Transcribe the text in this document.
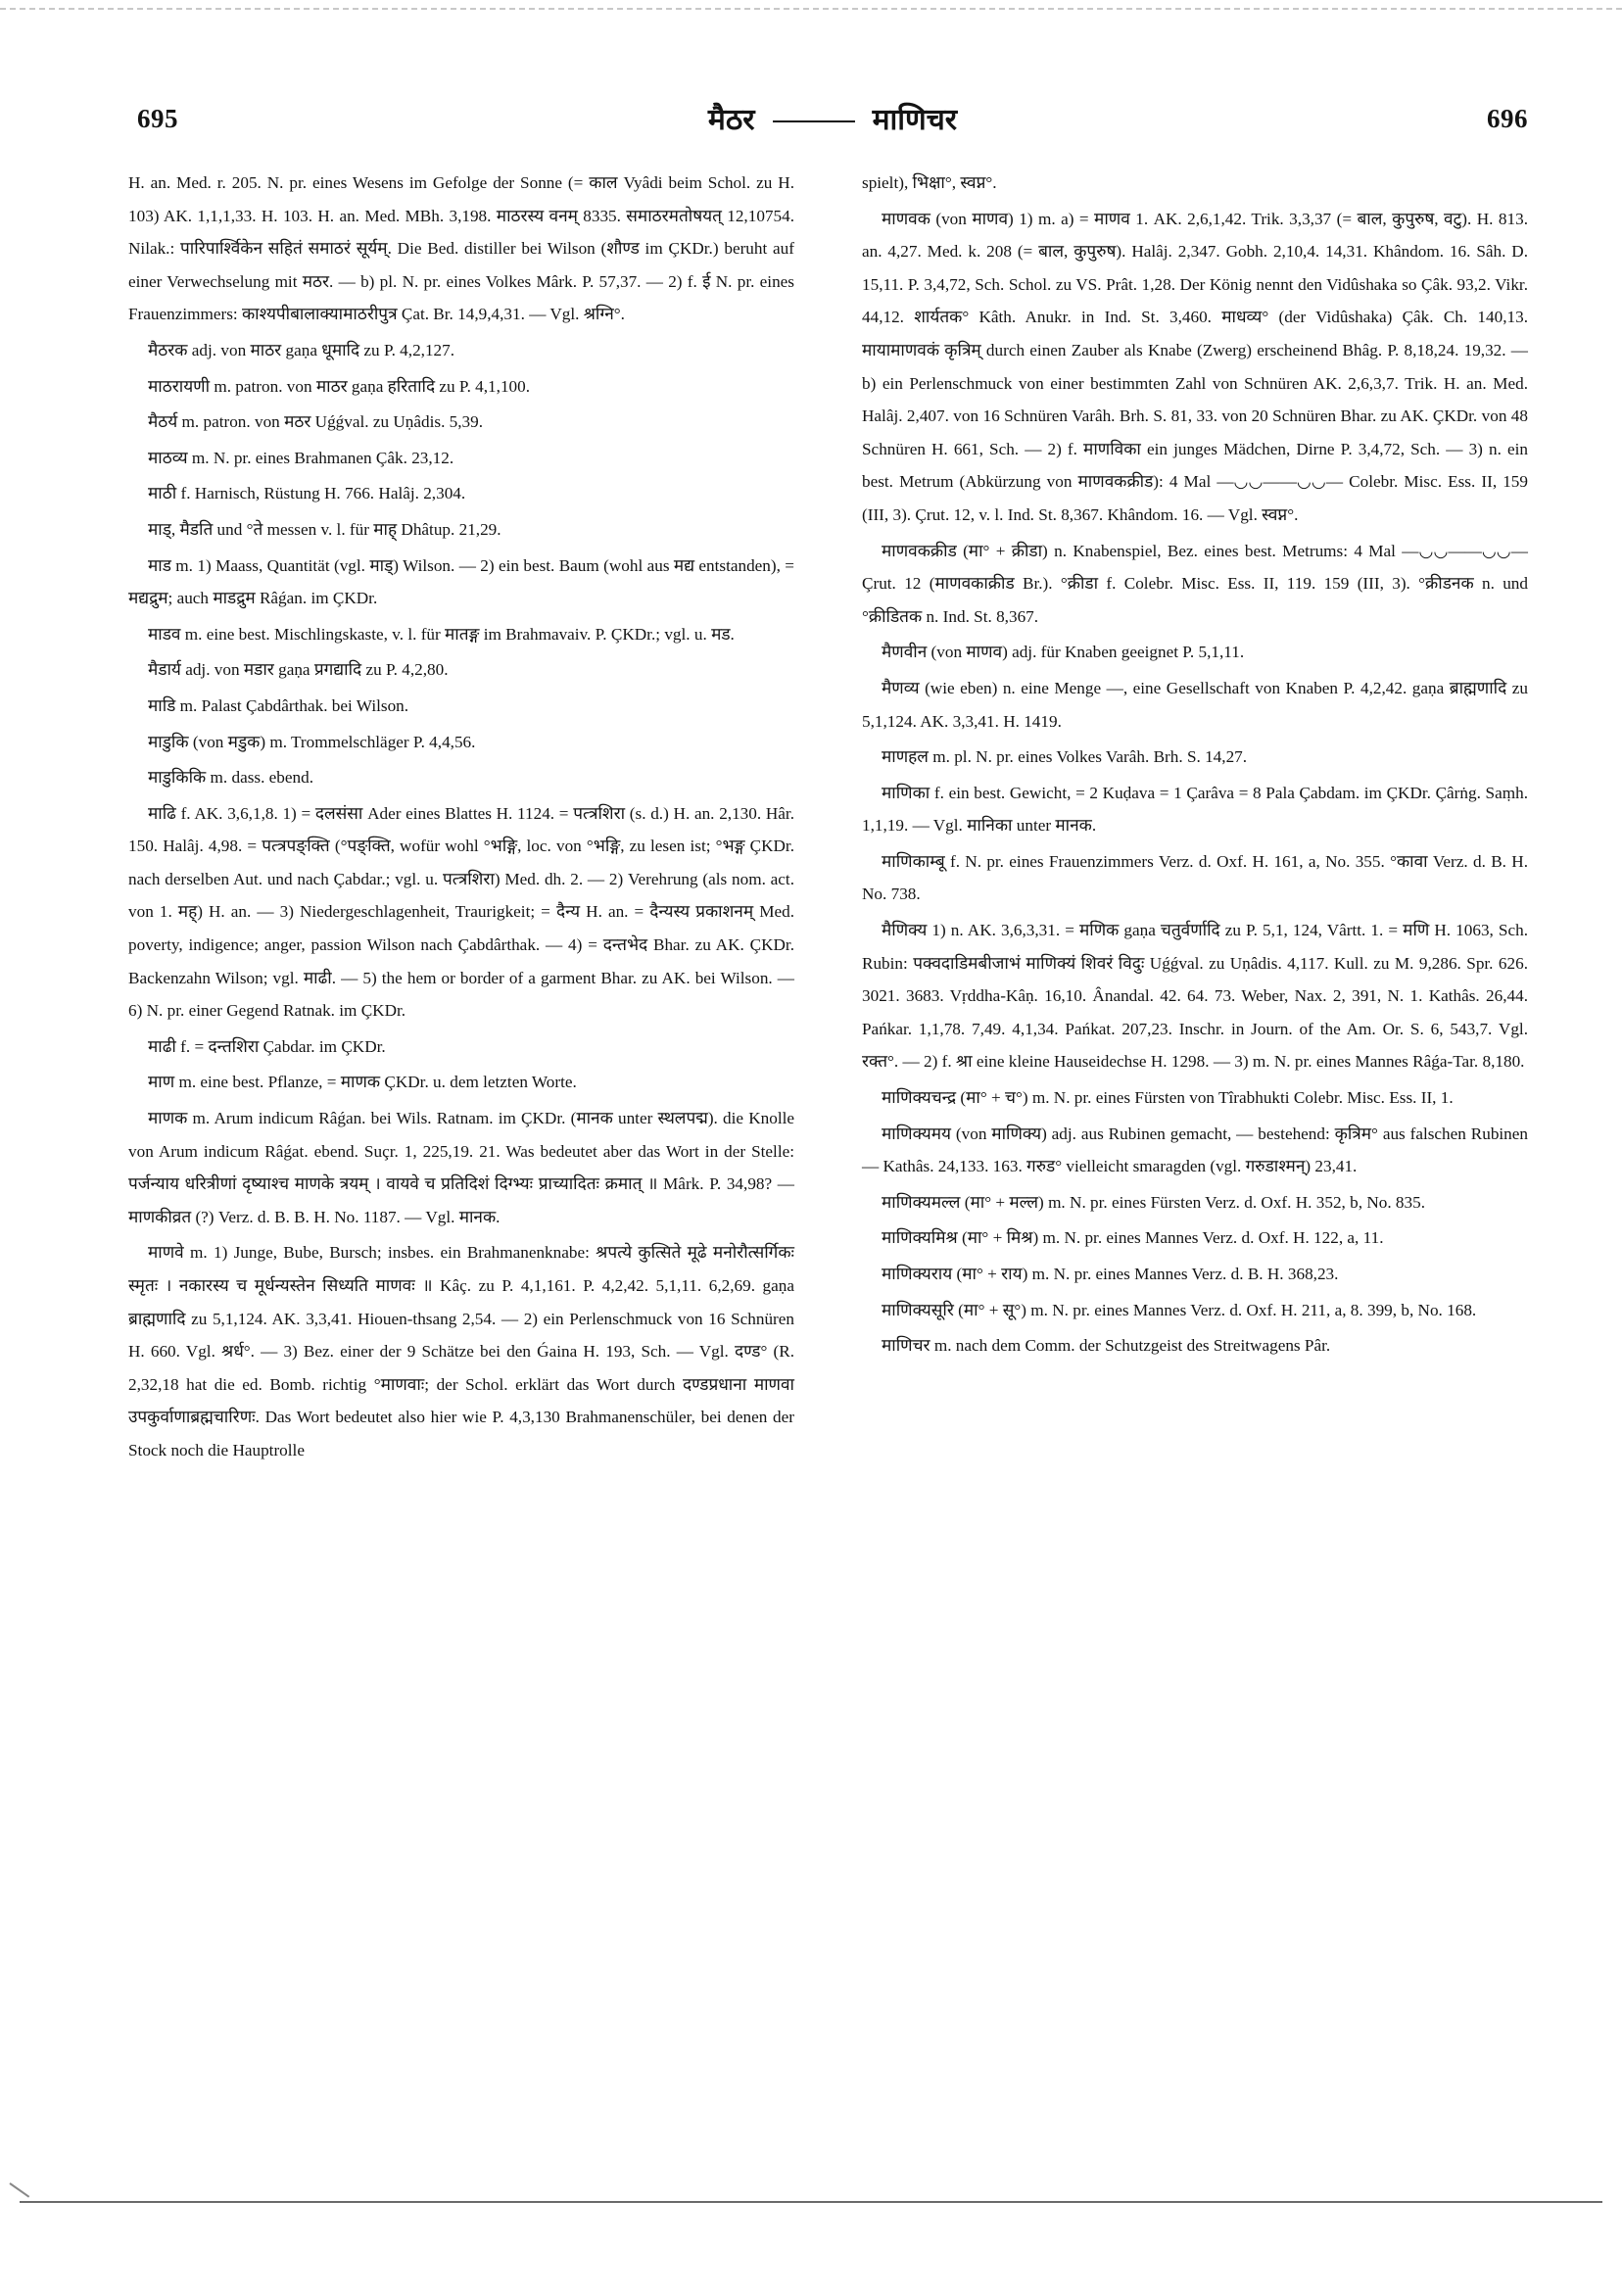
695	मैठर	माणिचर	696

H. an. Med. r. 205. N. pr. eines Wesens im Gefolge der Sonne (= काल Vyâdi beim Schol. zu H. 103) AK. 1,1,1,33. H. 103. H. an. Med. MBh. 3,198. माठरस्य वनम् 8335. समाठरमतोषयत् 12,10754. Nilak.: पारिपार्श्विकेन सहितं समाठरं सूर्यम्. Die Bed. distiller bei Wilson (शौण्ड im ÇKDr.) beruht auf einer Verwechselung mit मठर. — b) pl. N. pr. eines Volkes Mârk. P. 57,37. — 2) f. ई N. pr. eines Frauenzimmers: काश्यपीबालाक्यामाठरीपुत्र Çat. Br. 14,9,4,31. — Vgl. श्रग्नि°.

मैठरक adj. von माठर gaṇa धूमादि zu P. 4,2,127.

माठरायणी m. patron. von माठर gaṇa हरितादि zu P. 4,1,100.

मैठर्य m. patron. von मठर Uǵǵval. zu Uṇâdis. 5,39.

माठव्य m. N. pr. eines Brahmanen Çâk. 23,12.

माठी f. Harnisch, Rüstung H. 766. Halâj. 2,304.

माड्, मैडति und °ते messen v. l. für माह् Dhâtup. 21,29.

माड m. 1) Maass, Quantität (vgl. माड्) Wilson. — 2) ein best. Baum (wohl aus मद्य entstanden), = मद्यद्रुम; auch माडद्रुम Râǵan. im ÇKDr.

माडव m. eine best. Mischlingskaste, v. l. für मातङ्ग im Brahmavaiv. P. ÇKDr.; vgl. u. मड.

मैडार्य adj. von मडार gaṇa प्रगद्यादि zu P. 4,2,80.

माडि m. Palast Çabdârthak. bei Wilson.

माडुकि (von मडुक) m. Trommelschläger P. 4,4,56.

माडुकिकि m. dass. ebend.

माढि f. AK. 3,6,1,8. 1) = दलसंसा Ader eines Blattes H. 1124. = पत्त्रशिरा (s. d.) H. an. 2,130. Hâr. 150. Halâj. 4,98. = पत्त्रपङ्क्ति (°पङ्क्ति, wofür wohl °भङ्गि, loc. von °भङ्गि, zu lesen ist; °भङ्ग ÇKDr. nach derselben Aut. und nach Çabdar.; vgl. u. पत्त्रशिरा) Med. dh. 2. — 2) Verehrung (als nom. act. von 1. मह्) H. an. — 3) Niedergeschlagenheit, Traurigkeit; = दैन्य H. an. = दैन्यस्य प्रकाशनम् Med. poverty, indigence; anger, passion Wilson nach Çabdârthak. — 4) = दन्तभेद Bhar. zu AK. ÇKDr. Backenzahn Wilson; vgl. माढी. — 5) the hem or border of a garment Bhar. zu AK. bei Wilson. — 6) N. pr. einer Gegend Ratnak. im ÇKDr.

माढी f. = दन्तशिरा Çabdar. im ÇKDr.

माण m. eine best. Pflanze, = माणक ÇKDr. u. dem letzten Worte.

माणक m. Arum indicum Râǵan. bei Wils. Ratnam. im ÇKDr. (मानक unter स्थलपद्म). die Knolle von Arum indicum Râǵat. ebend. Suçr. 1, 225,19. 21. Was bedeutet aber das Wort in der Stelle: पर्जन्याय धरित्रीणां दृष्याश्च माणके त्रयम् । वायवे च प्रतिदिशं दिग्भ्यः प्राच्यादितः क्रमात् ॥ Mârk. P. 34,98? — माणकीव्रत (?) Verz. d. B. B. H. No. 1187. — Vgl. मानक.

माणवे m. 1) Junge, Bube, Bursch; insbes. ein Brahmanenknabe: श्रपत्ये कुत्सिते मूढे मनोरौत्सर्गिकः स्मृतः । नकारस्य च मूर्धन्यस्तेन सिध्यति माणवः ॥ Kâç. zu P. 4,1,161. P. 4,2,42. 5,1,11. 6,2,69. gaṇa ब्राह्मणादि zu 5,1,124. AK. 3,3,41. Hiouen-thsang 2,54. — 2) ein Perlenschmuck von 16 Schnüren H. 660. Vgl. श्रर्ध°. — 3) Bez. einer der 9 Schätze bei den Ǵaina H. 193, Sch. — Vgl. दण्ड° (R. 2,32,18 hat die ed. Bomb. richtig °माणवाः; der Schol. erklärt das Wort durch दण्डप्रधाना माणवा उपकुर्वाणाब्रह्मचारिणः. Das Wort bedeutet also hier wie P. 4,3,130 Brahmanenschüler, bei denen der Stock noch die Hauptrolle

spielt), भिक्षा°, स्वप्न°.

माणवक (von माणव) 1) m. a) = माणव 1. AK. 2,6,1,42. Trik. 3,3,37 (= बाल, कुपुरुष, वटु). H. 813. an. 4,27. Med. k. 208 (= बाल, कुपुरुष). Halâj. 2,347. Gobh. 2,10,4. 14,31. Khândom. 16. Sâh. D. 15,11. P. 3,4,72, Sch. Schol. zu VS. Prât. 1,28. Der König nennt den Vidûshaka so Çâk. 93,2. Vikr. 44,12. शार्यतक° Kâth. Anukr. in Ind. St. 3,460. माधव्य° (der Vidûshaka) Çâk. Ch. 140,13. मायामाणवकं कृत्रिम् durch einen Zauber als Knabe (Zwerg) erscheinend Bhâg. P. 8,18,24. 19,32. — b) ein Perlenschmuck von einer bestimmten Zahl von Schnüren AK. 2,6,3,7. Trik. H. an. Med. Halâj. 2,407. von 16 Schnüren Varâh. Brh. S. 81, 33. von 20 Schnüren Bhar. zu AK. ÇKDr. von 48 Schnüren H. 661, Sch. — 2) f. माणविका ein junges Mädchen, Dirne P. 3,4,72, Sch. — 3) n. ein best. Metrum (Abkürzung von माणवकक्रीड): 4 Mal —◡◡——◡◡— Colebr. Misc. Ess. II, 159 (III, 3). Çrut. 12, v. l. Ind. St. 8,367. Khândom. 16. — Vgl. स्वप्न°.

माणवकक्रीड (मा° + क्रीडा) n. Knabenspiel, Bez. eines best. Metrums: 4 Mal —◡◡——◡◡— Çrut. 12 (माणवकाक्रीड Br.). °क्रीडा f. Colebr. Misc. Ess. II, 119. 159 (III, 3). °क्रीडनक n. und °क्रीडितक n. Ind. St. 8,367.

मैणवीन (von माणव) adj. für Knaben geeignet P. 5,1,11.

मैणव्य (wie eben) n. eine Menge —, eine Gesellschaft von Knaben P. 4,2,42. gaṇa ब्राह्मणादि zu 5,1,124. AK. 3,3,41. H. 1419.

माणहल m. pl. N. pr. eines Volkes Varâh. Brh. S. 14,27.

माणिका f. ein best. Gewicht, = 2 Kuḍava = 1 Çarâva = 8 Pala Çabdam. im ÇKDr. Çârṅg. Saṃh. 1,1,19. — Vgl. मानिका unter मानक.

माणिकाम्बू f. N. pr. eines Frauenzimmers Verz. d. Oxf. H. 161, a, No. 355. °कावा Verz. d. B. H. No. 738.

मैणिक्य 1) n. AK. 3,6,3,31. = मणिक gaṇa चतुर्वर्णादि zu P. 5,1, 124, Vârtt. 1. = मणि H. 1063, Sch. Rubin: पक्वदाडिमबीजाभं माणिक्यं शिवरं विदुः Uǵǵval. zu Uṇâdis. 4,117. Kull. zu M. 9,286. Spr. 626. 3021. 3683. Vṛddha-Kâṇ. 16,10. Ânandal. 42. 64. 73. Weber, Nax. 2, 391, N. 1. Kathâs. 26,44. Pańkar. 1,1,78. 7,49. 4,1,34. Pańkat. 207,23. Inschr. in Journ. of the Am. Or. S. 6, 543,7. Vgl. रक्त°. — 2) f. श्रा eine kleine Hauseidechse H. 1298. — 3) m. N. pr. eines Mannes Râǵa-Tar. 8,180.

माणिक्यचन्द्र (मा° + च°) m. N. pr. eines Fürsten von Tîrabhukti Colebr. Misc. Ess. II, 1.

माणिक्यमय (von माणिक्य) adj. aus Rubinen gemacht, — bestehend: कृत्रिम° aus falschen Rubinen — Kathâs. 24,133. 163. गरुड° vielleicht smaragden (vgl. गरुडाश्मन्) 23,41.

माणिक्यमल्ल (मा° + मल्ल) m. N. pr. eines Fürsten Verz. d. Oxf. H. 352, b, No. 835.

माणिक्यमिश्र (मा° + मिश्र) m. N. pr. eines Mannes Verz. d. Oxf. H. 122, a, 11.

माणिक्यराय (मा° + राय) m. N. pr. eines Mannes Verz. d. B. H. 368,23.

माणिक्यसूरि (मा° + सू°) m. N. pr. eines Mannes Verz. d. Oxf. H. 211, a, 8. 399, b, No. 168.

माणिचर m. nach dem Comm. der Schutzgeist des Streitwagens Pâr.
